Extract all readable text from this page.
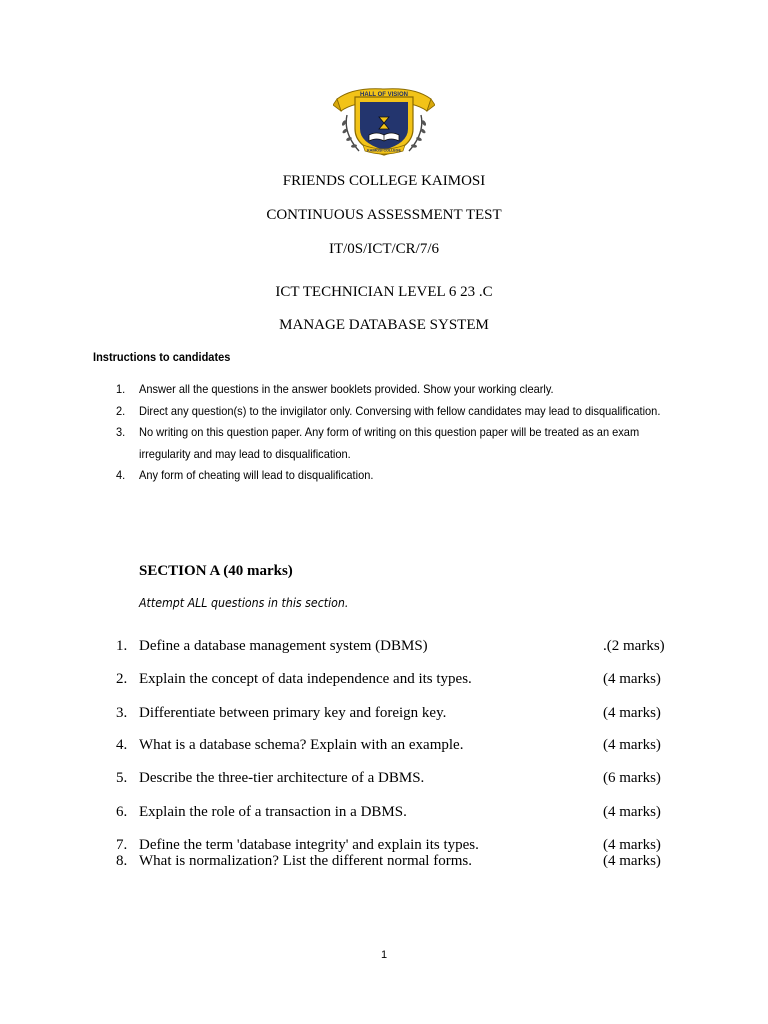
HALL OF VISION
KAIMOSI COLLEGE
FRIENDS COLLEGE KAIMOSI
CONTINUOUS ASSESSMENT TEST
IT/0S/ICT/CR/7/6
ICT TECHNICIAN LEVEL 6 23 .C
MANAGE DATABASE SYSTEM
Instructions to candidates
1. Answer all the questions in the answer booklets provided. Show your working clearly.
2. Direct any question(s) to the invigilator only. Conversing with fellow candidates may lead to disqualification.
3. No writing on this question paper. Any form of writing on this question paper will be treated as an exam irregularity and may lead to disqualification.
4. Any form of cheating will lead to disqualification.
SECTION A (40 marks)
Attempt ALL questions in this section.
1. Define a database management system (DBMS)	.(2 marks)
2. Explain the concept of data independence and its types.	(4 marks)
3. Differentiate between primary key and foreign key.	(4 marks)
4. What is a database schema? Explain with an example.	(4 marks)
5. Describe the three-tier architecture of a DBMS.	(6 marks)
6. Explain the role of a transaction in a DBMS.	(4 marks)
7. Define the term 'database integrity' and explain its types.	(4 marks)
8. What is normalization? List the different normal forms.	(4 marks)
1
